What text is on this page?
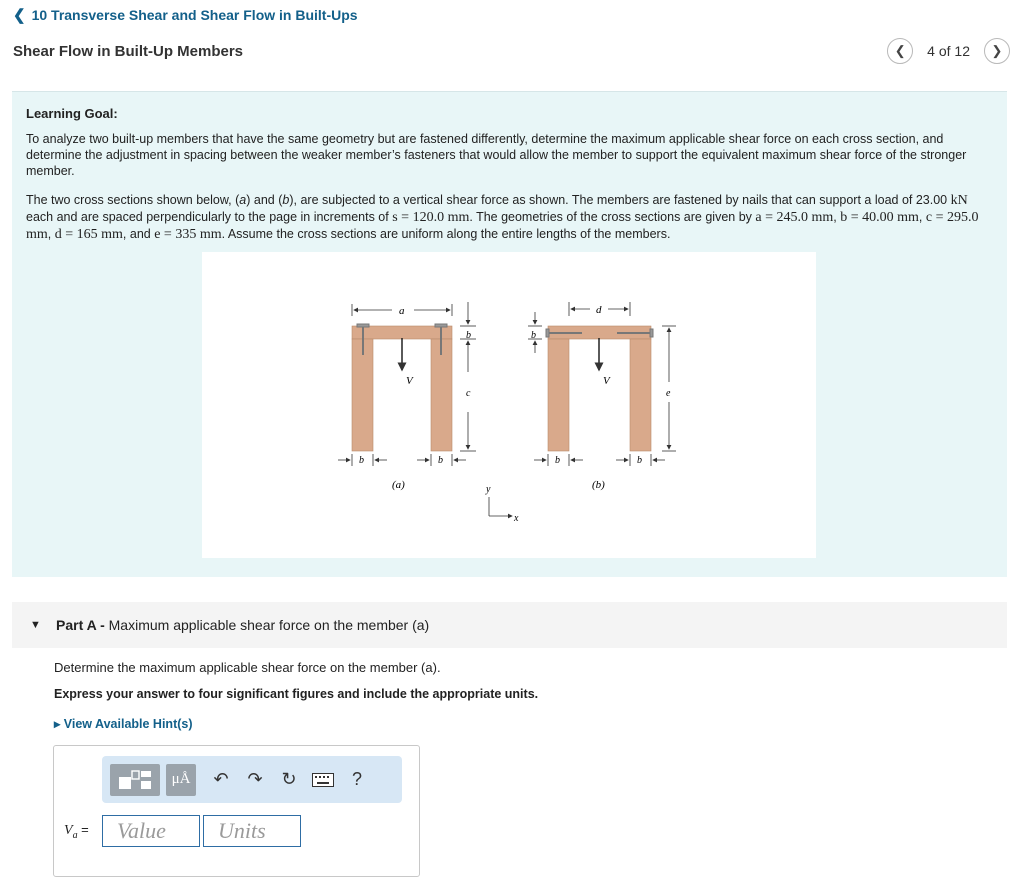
❮ 10 Transverse Shear and Shear Flow in Built-Ups
Shear Flow in Built-Up Members	❮ 4 of 12	❯
Learning Goal:
To analyze two built-up members that have the same geometry but are fastened differently, determine the maximum applicable shear force on each cross section, and determine the adjustment in spacing between the weaker member’s fasteners that would allow the member to support the equivalent maximum shear force of the stronger member.
The two cross sections shown below, (a) and (b), are subjected to a vertical shear force as shown. The members are fastened by nails that can support a load of 23.00 kN each and are spaced perpendicularly to the page in increments of s = 120.0 mm. The geometries of the cross sections are given by a = 245.0 mm, b = 40.00 mm, c = 295.0 mm, d = 165 mm, and e = 335 mm. Assume the cross sections are uniform along the entire lengths of the members.
V
a
b
c
b	b
(a)
V
d
b
e
b	b
(b)
y
x
▼ Part A - Maximum applicable shear force on the member (a)
Determine the maximum applicable shear force on the member (a).
Express your answer to four significant figures and include the appropriate units.
▸ View Available Hint(s)
μÅ ↶ ↷ ↻	?
$V_a$ =
Value
Units
